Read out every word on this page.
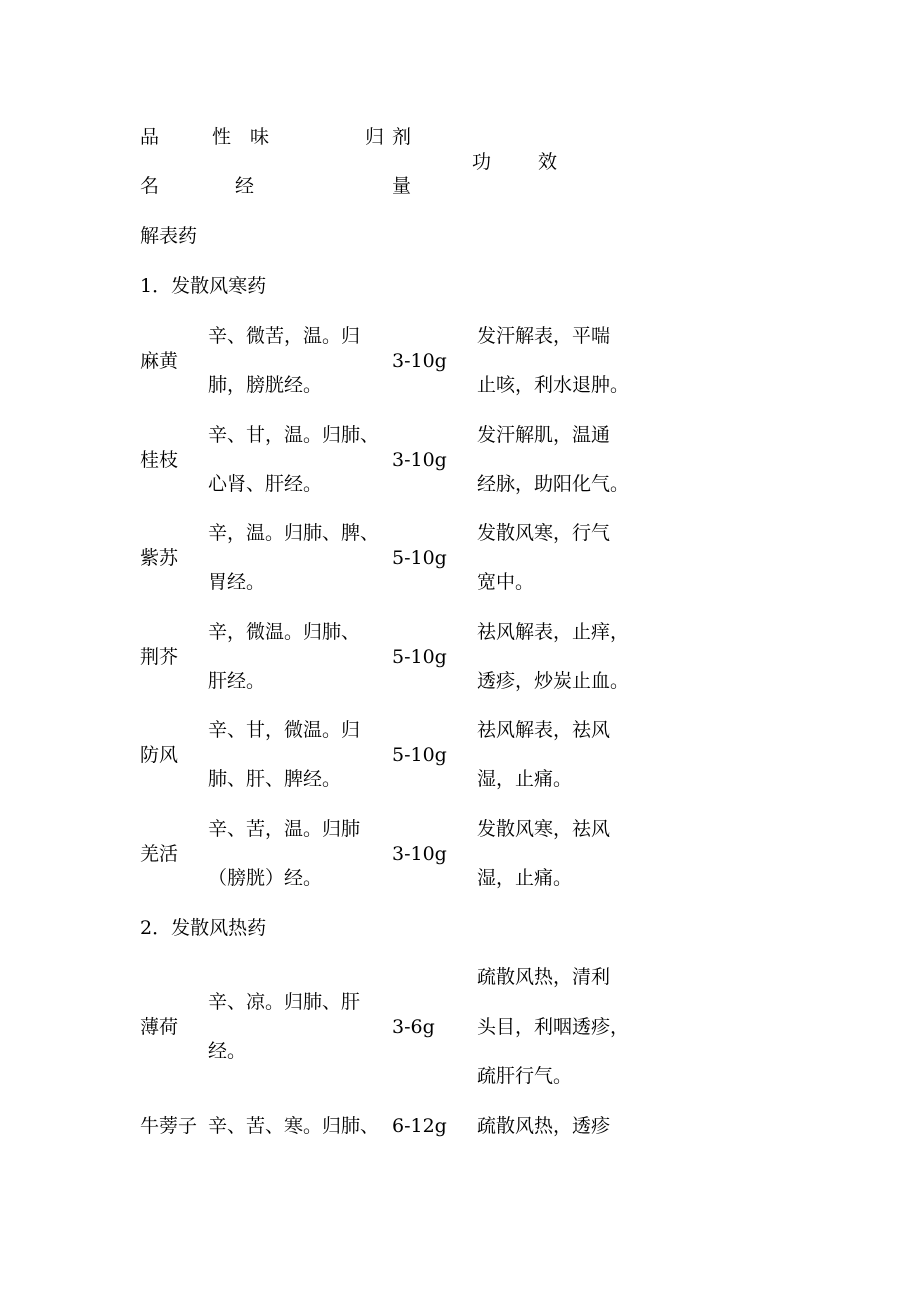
品
名
性　味
经
归 剂
量
功 效
解表药
1．发散风寒药
麻黄
辛、微苦，温。归
肺，膀胱经。
3-10g
发汗解表，平喘
止咳，利水退肿。
桂枝
辛、甘，温。归肺、
心肾、肝经。
3-10g
发汗解肌，温通
经脉，助阳化气。
紫苏
辛，温。归肺、脾、
胃经。
5-10g
发散风寒，行气
宽中。
荆芥
辛，微温。归肺、
肝经。
5-10g
祛风解表，止痒，
透疹，炒炭止血。
防风
辛、甘，微温。归
肺、肝、脾经。
5-10g
祛风解表，祛风
湿，止痛。
羌活
辛、苦，温。归肺
（膀胱）经。
3-10g
发散风寒，祛风
湿，止痛。
2．发散风热药
薄荷
辛、凉。归肺、肝
经。
3-6g
疏散风热，清利
头目，利咽透疹，
疏肝行气。
牛蒡子 辛、苦、寒。归肺、 6-12g 疏散风热，透疹
